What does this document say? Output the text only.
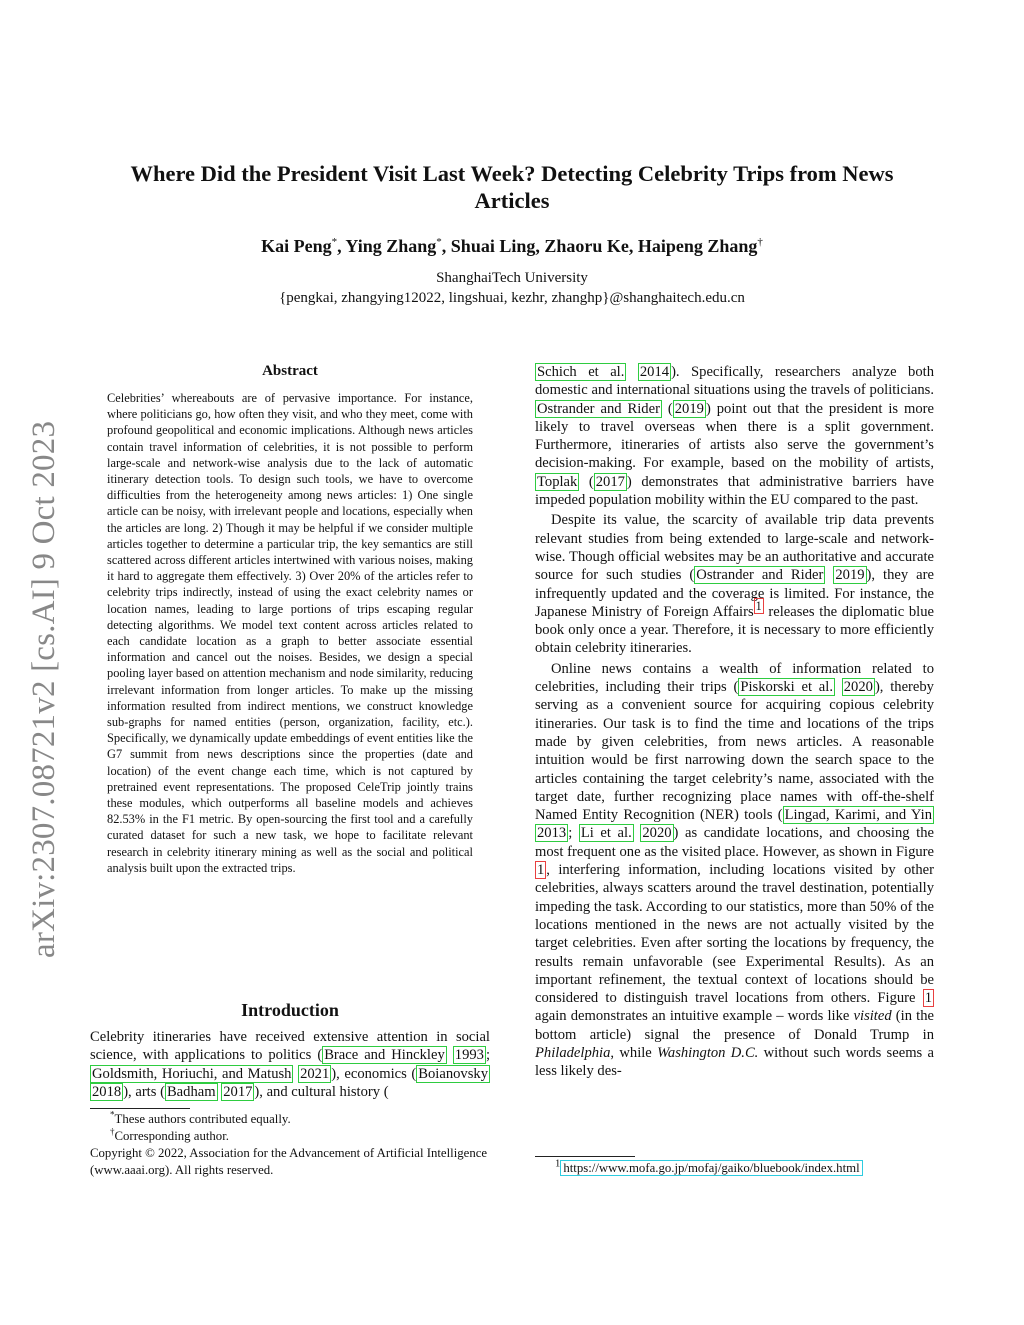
arXiv:2307.08721v2 [cs.AI] 9 Oct 2023
Where Did the President Visit Last Week? Detecting Celebrity Trips from News
Articles
Kai Peng*, Ying Zhang*, Shuai Ling, Zhaoru Ke, Haipeng Zhang†
ShanghaiTech University
{pengkai, zhangying12022, lingshuai, kezhr, zhanghp}@shanghaitech.edu.cn
Abstract
Celebrities’ whereabouts are of pervasive importance. For instance, where politicians go, how often they visit, and who they meet, come with profound geopolitical and economic implications. Although news articles contain travel information of celebrities, it is not possible to perform large-scale and network-wise analysis due to the lack of automatic itinerary detection tools. To design such tools, we have to overcome difficulties from the heterogeneity among news articles: 1) One single article can be noisy, with irrelevant people and locations, especially when the articles are long. 2) Though it may be helpful if we consider multiple articles together to determine a particular trip, the key semantics are still scattered across different articles intertwined with various noises, making it hard to aggregate them effectively. 3) Over 20% of the articles refer to celebrity trips indirectly, instead of using the exact celebrity names or location names, leading to large portions of trips escaping regular detecting algorithms. We model text content across articles related to each candidate location as a graph to better associate essential information and cancel out the noises. Besides, we design a special pooling layer based on attention mechanism and node similarity, reducing irrelevant information from longer articles. To make up the missing information resulted from indirect mentions, we construct knowledge sub-graphs for named entities (person, organization, facility, etc.). Specifically, we dynamically update embeddings of event entities like the G7 summit from news descriptions since the properties (date and location) of the event change each time, which is not captured by pretrained event representations. The proposed CeleTrip jointly trains these modules, which outperforms all baseline models and achieves 82.53% in the F1 metric. By open-sourcing the first tool and a carefully curated dataset for such a new task, we hope to facilitate relevant research in celebrity itinerary mining as well as the social and political analysis built upon the extracted trips.
Introduction
Celebrity itineraries have received extensive attention in social science, with applications to politics ( Brace and Hinckley 1993 ; Goldsmith, Horiuchi, and Matush 2021 ), economics ( Boianovsky 2018 ), arts ( Badham 2017 ), and cultural history (
*These authors contributed equally.
†Corresponding author.
Copyright © 2022, Association for the Advancement of Artificial Intelligence (www.aaai.org). All rights reserved.

Schich et al. 2014 ). Specifically, researchers analyze both domestic and international situations using the travels of politicians. Ostrander and Rider ( 2019 ) point out that the president is more likely to travel overseas when there is a split government. Furthermore, itineraries of artists also serve the government’s decision-making. For example, based on the mobility of artists, Toplak ( 2017 ) demonstrates that administrative barriers have impeded population mobility within the EU compared to the past.

Despite its value, the scarcity of available trip data prevents relevant studies from being extended to large-scale and network-wise. Though official websites may be an authoritative and accurate source for such studies ( Ostrander and Rider 2019 ), they are infrequently updated and the coverage is limited. For instance, the Japanese Ministry of Foreign Affairs $^1$ releases the diplomatic blue book only once a year. Therefore, it is necessary to more efficiently obtain celebrity itineraries.

Online news contains a wealth of information related to celebrities, including their trips ( Piskorski et al. 2020 ), thereby serving as a convenient source for acquiring copious celebrity itineraries. Our task is to find the time and locations of the trips made by given celebrities, from news articles. A reasonable intuition would be first narrowing down the search space to the articles containing the target celebrity’s name, associated with the target date, further recognizing place names with off-the-shelf Named Entity Recognition (NER) tools ( Lingad, Karimi, and Yin 2013 ; Li et al. 2020 ) as candidate locations, and choosing the most frequent one as the visited place. However, as shown in Figure 1 , interfering information, including locations visited by other celebrities, always scatters around the travel destination, potentially impeding the task. According to our statistics, more than 50% of the locations mentioned in the news are not actually visited by the target celebrities. Even after sorting the locations by frequency, the results remain unfavorable (see Experimental Results). As an important refinement, the textual context of locations should be considered to distinguish travel locations from others. Figure 1 again demonstrates an intuitive example – words like visited (in the bottom article) signal the presence of Donald Trump in Philadelphia, while Washington D.C. without such words seems a less likely des-

$^1$ https://www.mofa.go.jp/mofaj/gaiko/bluebook/index.html
